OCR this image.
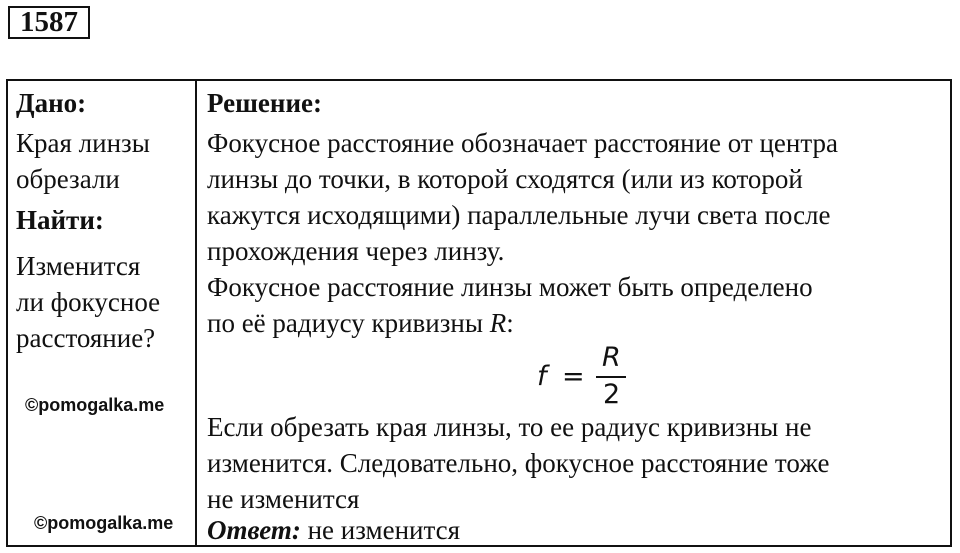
1587
Дано:
Края линзы
обрезали
Найти:
Изменится
ли фокусное
расстояние?
©pomogalka.me
©pomogalka.me
Решение:
Фокусное расстояние обозначает расстояние от центра
линзы до точки, в которой сходятся (или из которой
кажутся исходящими) параллельные лучи света после
прохождения через линзу.
Фокусное расстояние линзы может быть определено
по её радиусу кривизны R:
f =
R
2
Если обрезать края линзы, то ее радиус кривизны не
изменится. Следовательно, фокусное расстояние тоже
не изменится
Ответ: не изменится
